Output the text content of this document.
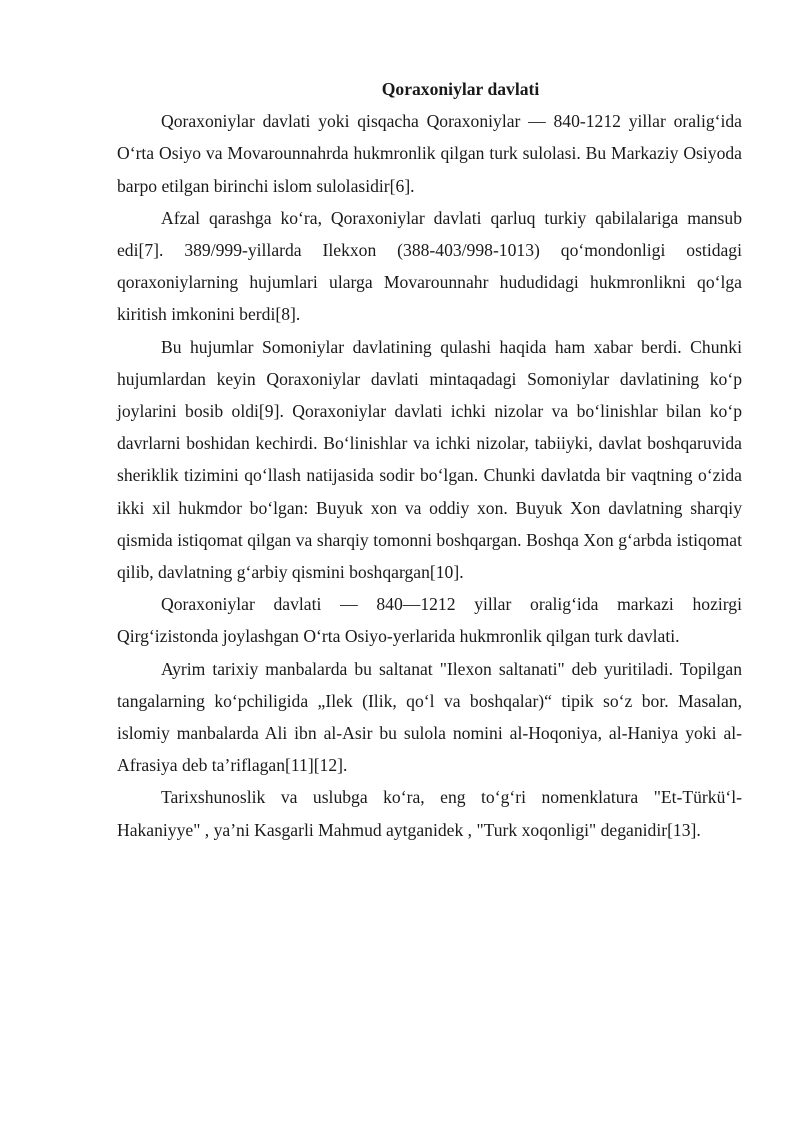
Qoraxoniylar davlati

Qoraxoniylar davlati yoki qisqacha Qoraxoniylar — 840-1212 yillar oraligʻida Oʻrta Osiyo va Movarounnahrda hukmronlik qilgan turk sulolasi. Bu Markaziy Osiyoda barpo etilgan birinchi islom sulolasidir[6].

Afzal qarashga koʻra, Qoraxoniylar davlati qarluq turkiy qabilalariga mansub edi[7]. 389/999-yillarda Ilekxon (388-403/998-1013) qoʻmondonligi ostidagi qoraxoniylarning hujumlari ularga Movarounnahr hududidagi hukmronlikni qoʻlga kiritish imkonini berdi[8].

Bu hujumlar Somoniylar davlatining qulashi haqida ham xabar berdi. Chunki hujumlardan keyin Qoraxoniylar davlati mintaqadagi Somoniylar davlatining koʻp joylarini bosib oldi[9]. Qoraxoniylar davlati ichki nizolar va boʻlinishlar bilan koʻp davrlarni boshidan kechirdi. Boʻlinishlar va ichki nizolar, tabiiyki, davlat boshqaruvida sheriklik tizimini qoʻllash natijasida sodir boʻlgan. Chunki davlatda bir vaqtning oʻzida ikki xil hukmdor boʻlgan: Buyuk xon va oddiy xon. Buyuk Xon davlatning sharqiy qismida istiqomat qilgan va sharqiy tomonni boshqargan. Boshqa Xon gʻarbda istiqomat qilib, davlatning gʻarbiy qismini boshqargan[10].

Qoraxoniylar davlati — 840—1212 yillar oraligʻida markazi hozirgi Qirgʻizistonda joylashgan Oʻrta Osiyo-yerlarida hukmronlik qilgan turk davlati.

Ayrim tarixiy manbalarda bu saltanat "Ilexon saltanati" deb yuritiladi. Topilgan tangalarning koʻpchiligida „Ilek (Ilik, qoʻl va boshqalar)“ tipik soʻz bor. Masalan, islomiy manbalarda Ali ibn al-Asir bu sulola nomini al-Hoqoniya, al-Haniya yoki al-Afrasiya deb taʼriflagan[11][12].

Tarixshunoslik va uslubga koʻra, eng toʻgʻri nomenklatura "Et-Türküʻl-Hakaniyye" , yaʼni Kasgarli Mahmud aytganidek , "Turk xoqonligi" deganidir[13].
